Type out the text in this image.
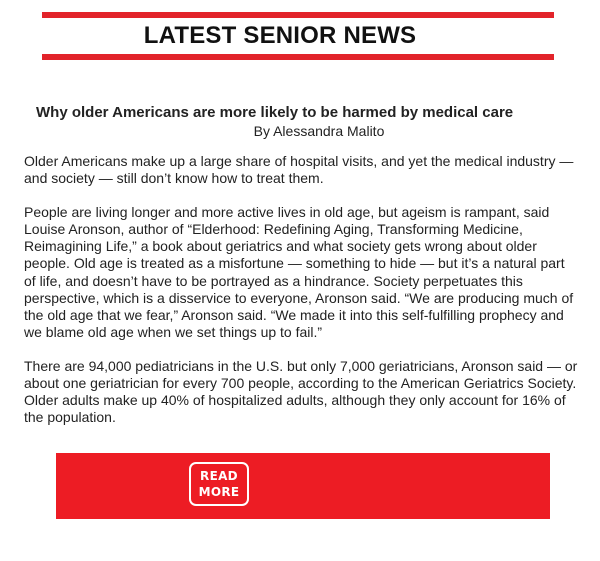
LATEST SENIOR NEWS
Why older Americans are more likely to be harmed by medical care
By Alessandra Malito

Older Americans make up a large share of hospital visits, and yet the medical industry — and society — still don’t know how to treat them.

People are living longer and more active lives in old age, but ageism is rampant, said Louise Aronson, author of “Elderhood: Redefining Aging, Transforming Medicine, Reimagining Life,” a book about geriatrics and what society gets wrong about older people. Old age is treated as a misfortune — something to hide — but it’s a natural part of life, and doesn’t have to be portrayed as a hindrance. Society perpetuates this perspective, which is a disservice to everyone, Aronson said. “We are producing much of the old age that we fear,” Aronson said. “We made it into this self-fulfilling prophecy and we blame old age when we set things up to fail.”

There are 94,000 pediatricians in the U.S. but only 7,000 geriatricians, Aronson said — or about one geriatrician for every 700 people, according to the American Geriatrics Society. Older adults make up 40% of hospitalized adults, although they only account for 16% of the population.

READ
MORE
